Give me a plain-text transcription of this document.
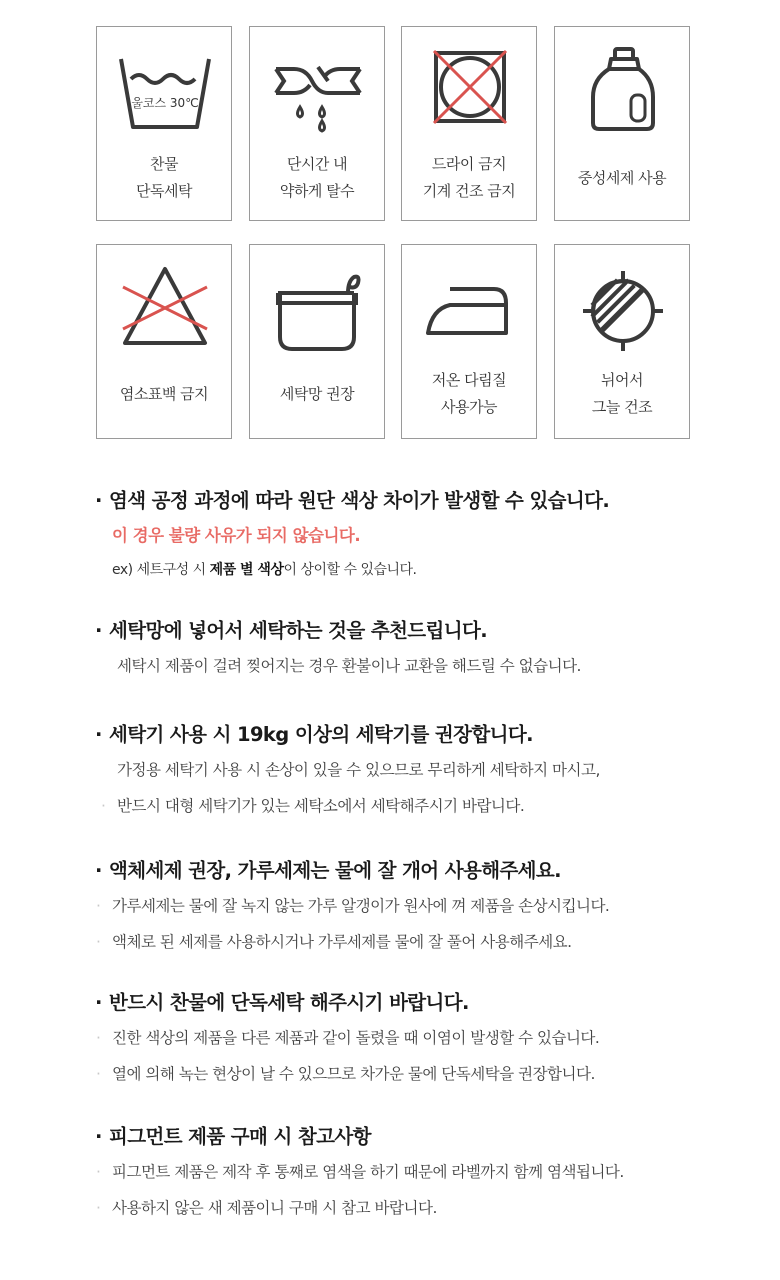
울코스 30℃
찬물
단독세탁
단시간 내
약하게 탈수
드라이 금지
기계 건조 금지
중성세제 사용
염소표백 금지	세탁망 권장
저온 다림질
사용가능
뉘어서
그늘 건조
· 염색 공정 과정에 따라 원단 색상 차이가 발생할 수 있습니다.
이 경우 불량 사유가 되지 않습니다.
ex) 세트구성 시 제품 별 색상이 상이할 수 있습니다.
· 세탁망에 넣어서 세탁하는 것을 추천드립니다.
세탁시 제품이 걸려 찢어지는 경우 환불이나 교환을 해드릴 수 없습니다.
· 세탁기 사용 시 19kg 이상의 세탁기를 권장합니다.
가정용 세탁기 사용 시 손상이 있을 수 있으므로 무리하게 세탁하지 마시고,
· 반드시 대형 세탁기가 있는 세탁소에서 세탁해주시기 바랍니다.
· 액체세제 권장, 가루세제는 물에 잘 개어 사용해주세요.
· 가루세제는 물에 잘 녹지 않는 가루 알갱이가 원사에 껴 제품을 손상시킵니다.
· 액체로 된 세제를 사용하시거나 가루세제를 물에 잘 풀어 사용해주세요.
· 반드시 찬물에 단독세탁 해주시기 바랍니다.
· 진한 색상의 제품을 다른 제품과 같이 돌렸을 때 이염이 발생할 수 있습니다.
· 열에 의해 녹는 현상이 날 수 있으므로 차가운 물에 단독세탁을 권장합니다.
· 피그먼트 제품 구매 시 참고사항
· 피그먼트 제품은 제작 후 통째로 염색을 하기 때문에 라벨까지 함께 염색됩니다.
· 사용하지 않은 새 제품이니 구매 시 참고 바랍니다.
